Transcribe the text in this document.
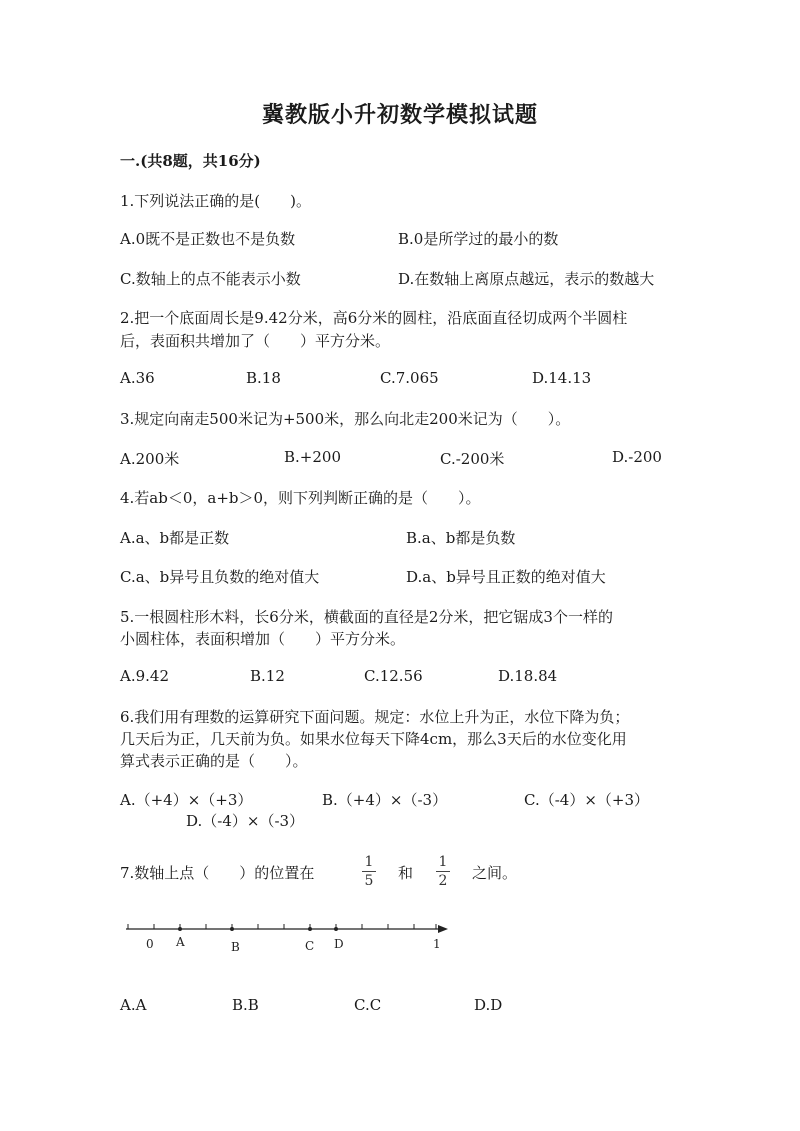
冀教版小升初数学模拟试题
一.(共8题，共16分)
1.下列说法正确的是(　　)。
A.0既不是正数也不是负数	B.0是所学过的最小的数
C.数轴上的点不能表示小数	D.在数轴上离原点越远，表示的数越大
2.把一个底面周长是9.42分米，高6分米的圆柱，沿底面直径切成两个半圆柱
后，表面积共增加了（　　）平方分米。
A.36	B.18	C.7.065	D.14.13
3.规定向南走500米记为+500米，那么向北走200米记为（　　）。
A.200米	B.+200	C.-200米	D.-200
4.若ab＜0，a+b＞0，则下列判断正确的是（　　）。
A.a、b都是正数	B.a、b都是负数
C.a、b异号且负数的绝对值大	D.a、b异号且正数的绝对值大
5.一根圆柱形木料，长6分米，横截面的直径是2分米，把它锯成3个一样的
小圆柱体，表面积增加（　　）平方分米。
A.9.42	B.12	C.12.56	D.18.84
6.我们用有理数的运算研究下面问题。规定：水位上升为正，水位下降为负；
几天后为正，几天前为负。如果水位每天下降4cm，那么3天后的水位变化用
算式表示正确的是（　　）。
A.（+4）×（+3）	B.（+4）×（-3）	C.（-4）×（+3）
D.（-4）×（-3）
7.数轴上点（　　）的位置在
1
5 和
1
2 之间。
0 A	B	C D	1
A.A	B.B	C.C	D.D
